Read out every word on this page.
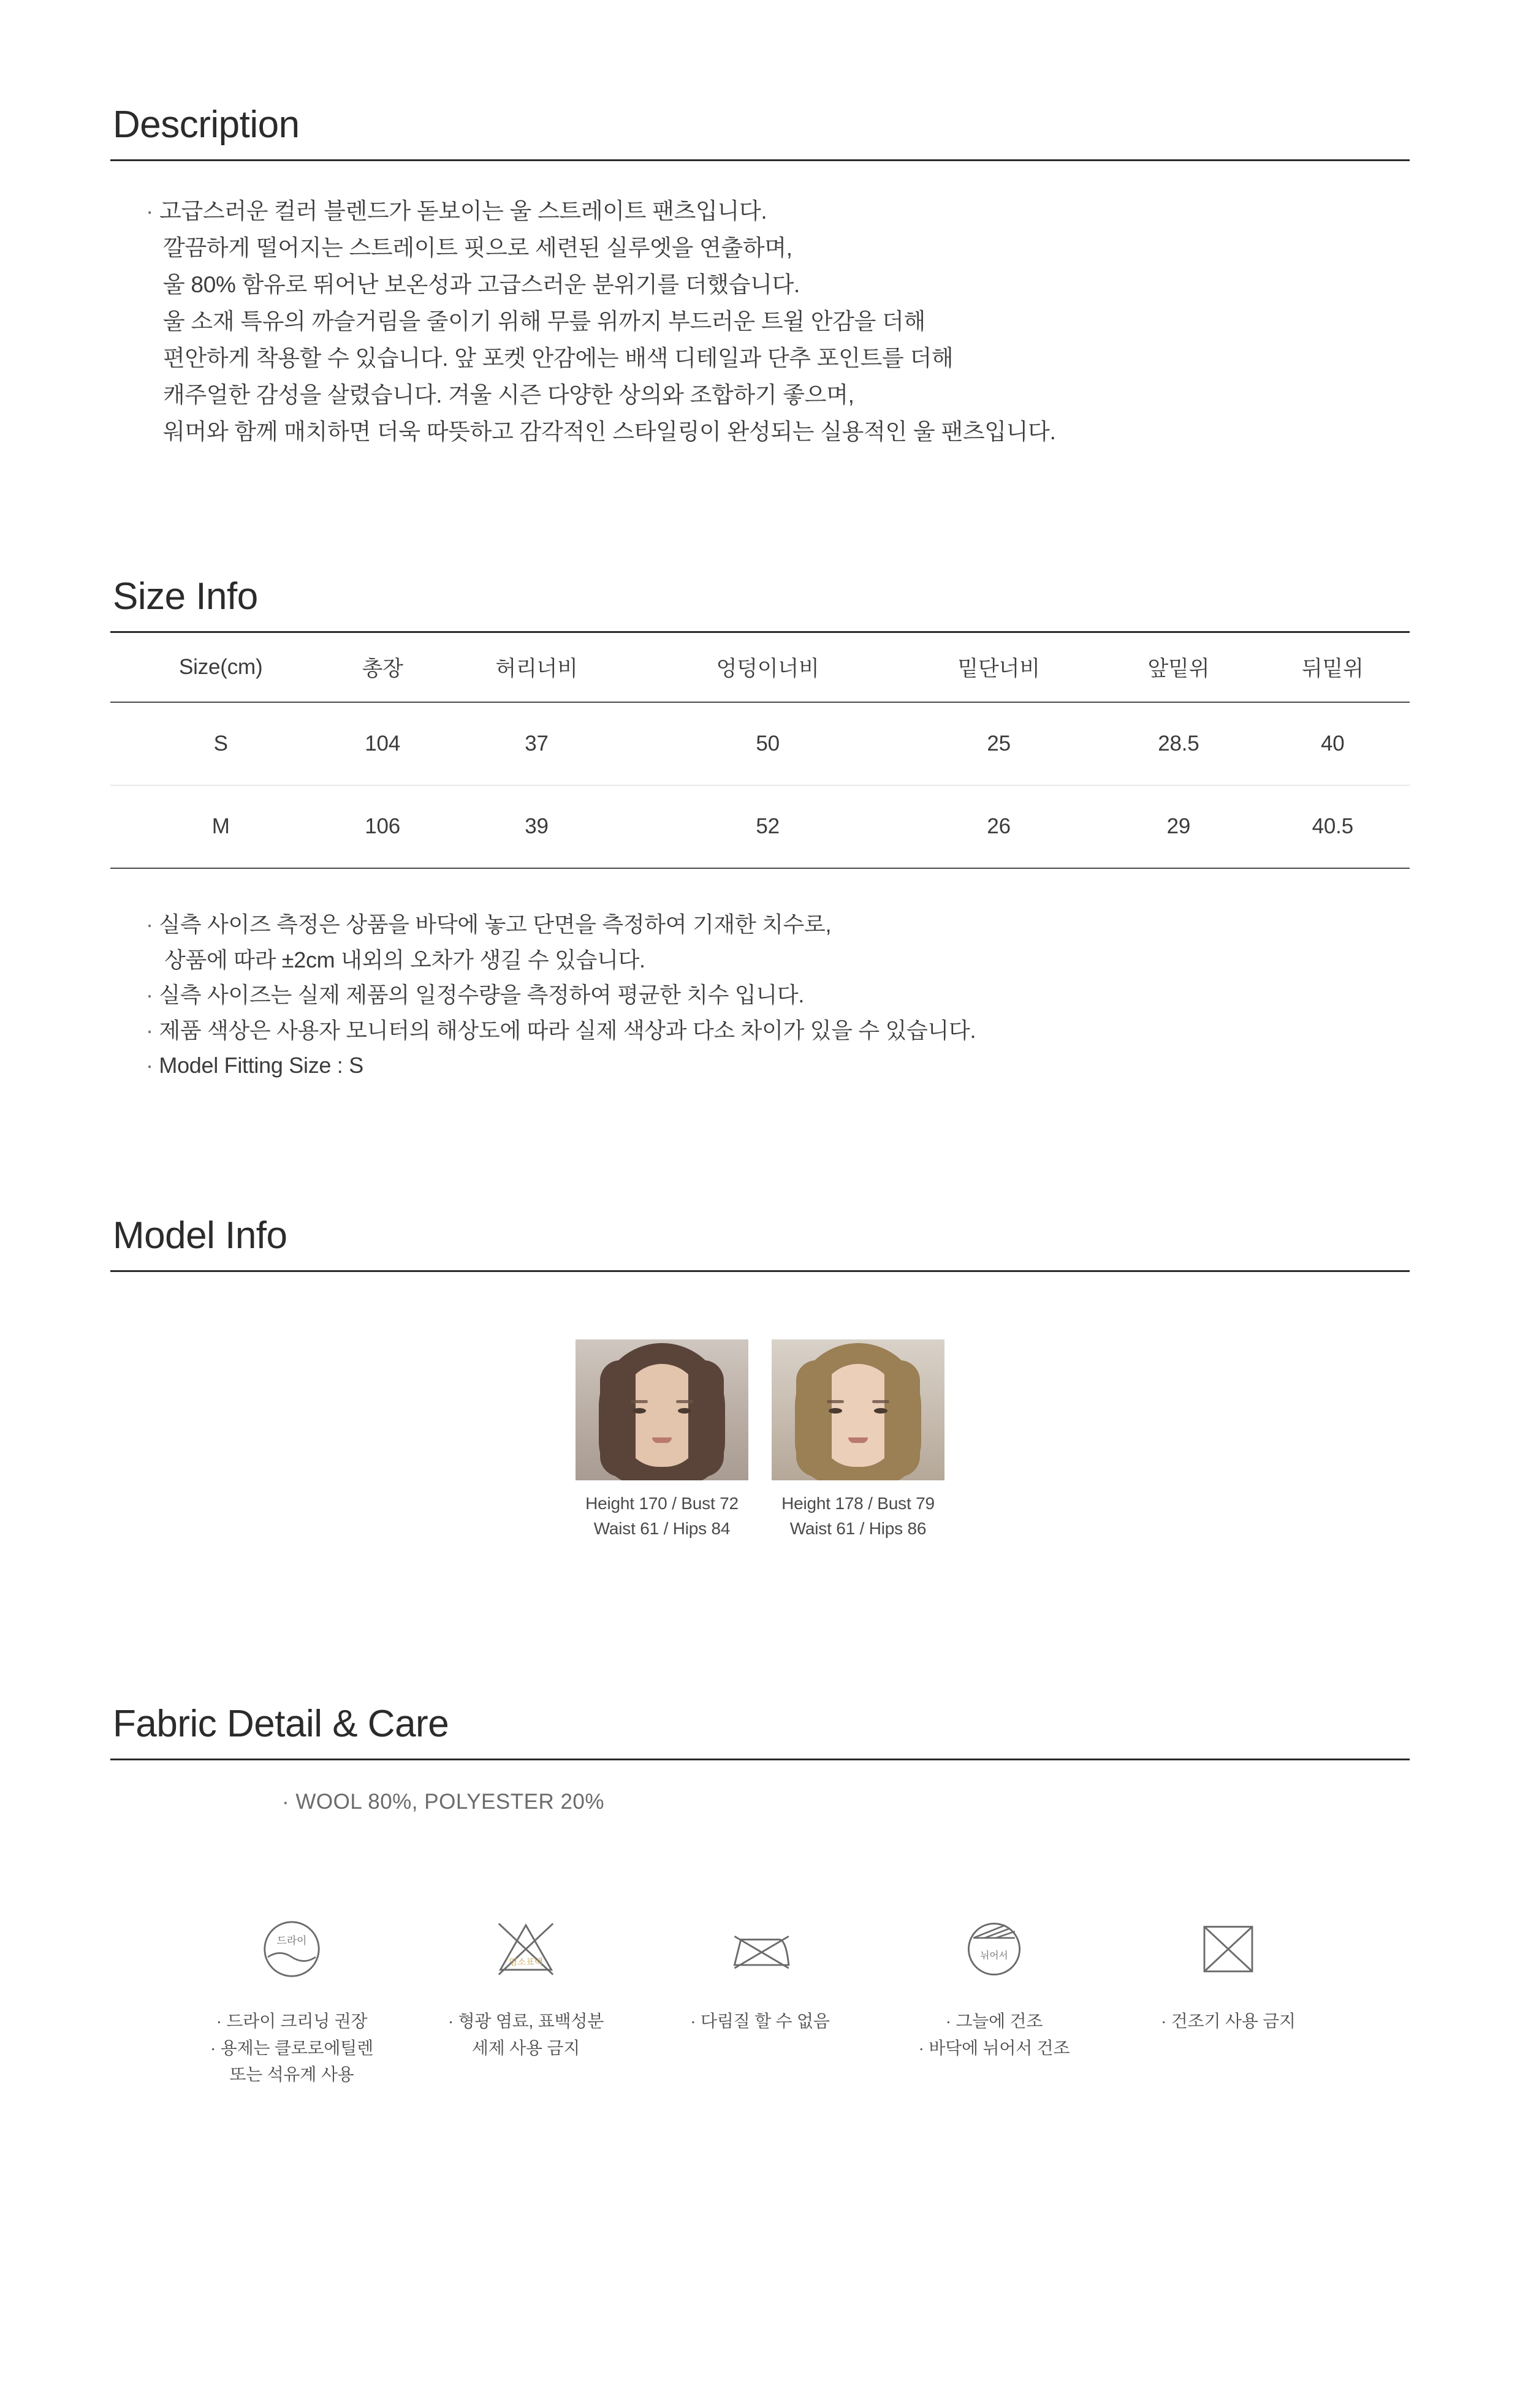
Description
· 고급스러운 컬러 블렌드가 돋보이는 울 스트레이트 팬츠입니다.
깔끔하게 떨어지는 스트레이트 핏으로 세련된 실루엣을 연출하며,
울 80% 함유로 뛰어난 보온성과 고급스러운 분위기를 더했습니다.
울 소재 특유의 까슬거림을 줄이기 위해 무릎 위까지 부드러운 트윌 안감을 더해
편안하게 착용할 수 있습니다. 앞 포켓 안감에는 배색 디테일과 단추 포인트를 더해
캐주얼한 감성을 살렸습니다. 겨울 시즌 다양한 상의와 조합하기 좋으며,
워머와 함께 매치하면 더욱 따뜻하고 감각적인 스타일링이 완성되는 실용적인 울 팬츠입니다.
Size Info
Size(cm)	총장	허리너비	엉덩이너비	밑단너비	앞밑위	뒤밑위
S	104	37	50	25	28.5	40
M	106	39	52	26	29	40.5
· 실측 사이즈 측정은 상품을 바닥에 놓고 단면을 측정하여 기재한 치수로,
상품에 따라 ±2cm 내외의 오차가 생길 수 있습니다.
· 실측 사이즈는 실제 제품의 일정수량을 측정하여 평균한 치수 입니다.
· 제품 색상은 사용자 모니터의 해상도에 따라 실제 색상과 다소 차이가 있을 수 있습니다.
· Model Fitting Size : S
Model Info
Height 170 / Bust 72
Waist 61 / Hips 84
Height 178 / Bust 79
Waist 61 / Hips 86
Fabric Detail & Care
· WOOL 80%, POLYESTER 20%
드라이
· 드라이 크리닝 권장
· 용제는 클로로에틸렌
또는 석유계 사용
염소표백
· 형광 염료, 표백성분
세제 사용 금지
· 다림질 할 수 없음
뉘어서
· 그늘에 건조
· 바닥에 뉘어서 건조
· 건조기 사용 금지
